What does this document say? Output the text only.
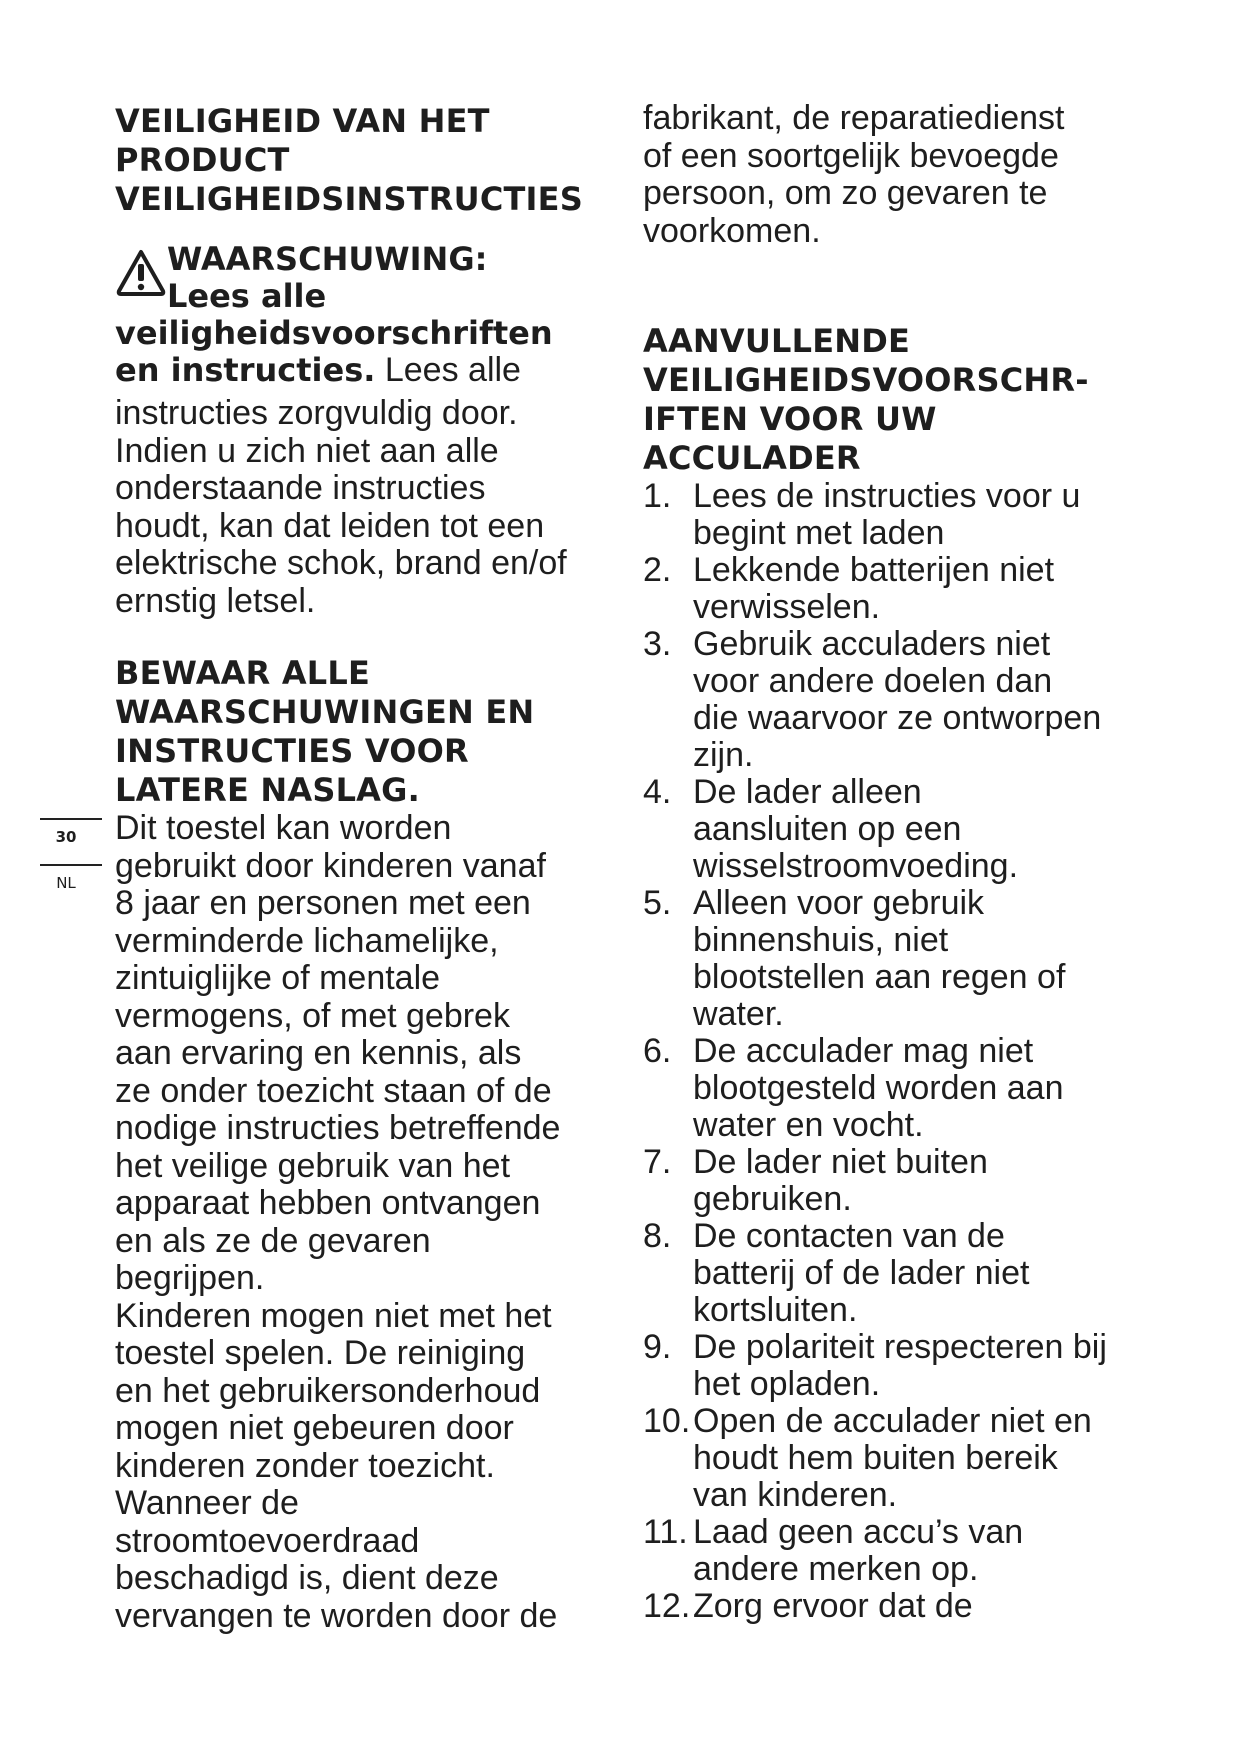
30
NL
VEILIGHEID VAN HET
PRODUCT
VEILIGHEIDSINSTRUCTIES
WAARSCHUWING:
Lees alle
veiligheidsvoorschriften
en instructies. Lees alle
instructies zorgvuldig door.
Indien u zich niet aan alle
onderstaande instructies
houdt, kan dat leiden tot een
elektrische schok, brand en/of
ernstig letsel.
BEWAAR ALLE
WAARSCHUWINGEN EN
INSTRUCTIES VOOR
LATERE NASLAG.
Dit toestel kan worden
gebruikt door kinderen vanaf
8 jaar en personen met een
verminderde lichamelijke,
zintuiglijke of mentale
vermogens, of met gebrek
aan ervaring en kennis, als
ze onder toezicht staan of de
nodige instructies betreffende
het veilige gebruik van het
apparaat hebben ontvangen
en als ze de gevaren
begrijpen.
Kinderen mogen niet met het
toestel spelen. De reiniging
en het gebruikersonderhoud
mogen niet gebeuren door
kinderen zonder toezicht.
Wanneer de
stroomtoevoerdraad
beschadigd is, dient deze
vervangen te worden door de
fabrikant, de reparatiedienst
of een soortgelijk bevoegde
persoon, om zo gevaren te
voorkomen.
AANVULLENDE
VEILIGHEIDSVOORSCHR-
IFTEN VOOR UW
ACCULADER
1. Lees de instructies voor u
begint met laden
2. Lekkende batterijen niet
verwisselen.
3. Gebruik acculaders niet
voor andere doelen dan
die waarvoor ze ontworpen
zijn.
4. De lader alleen
aansluiten op een
wisselstroomvoeding.
5. Alleen voor gebruik
binnenshuis, niet
blootstellen aan regen of
water.
6. De acculader mag niet
blootgesteld worden aan
water en vocht.
7. De lader niet buiten
gebruiken.
8. De contacten van de
batterij of de lader niet
kortsluiten.
9. De polariteit respecteren bij
het opladen.
10. Open de acculader niet en
houdt hem buiten bereik
van kinderen.
11. Laad geen accu’s van
andere merken op.
12. Zorg ervoor dat de
